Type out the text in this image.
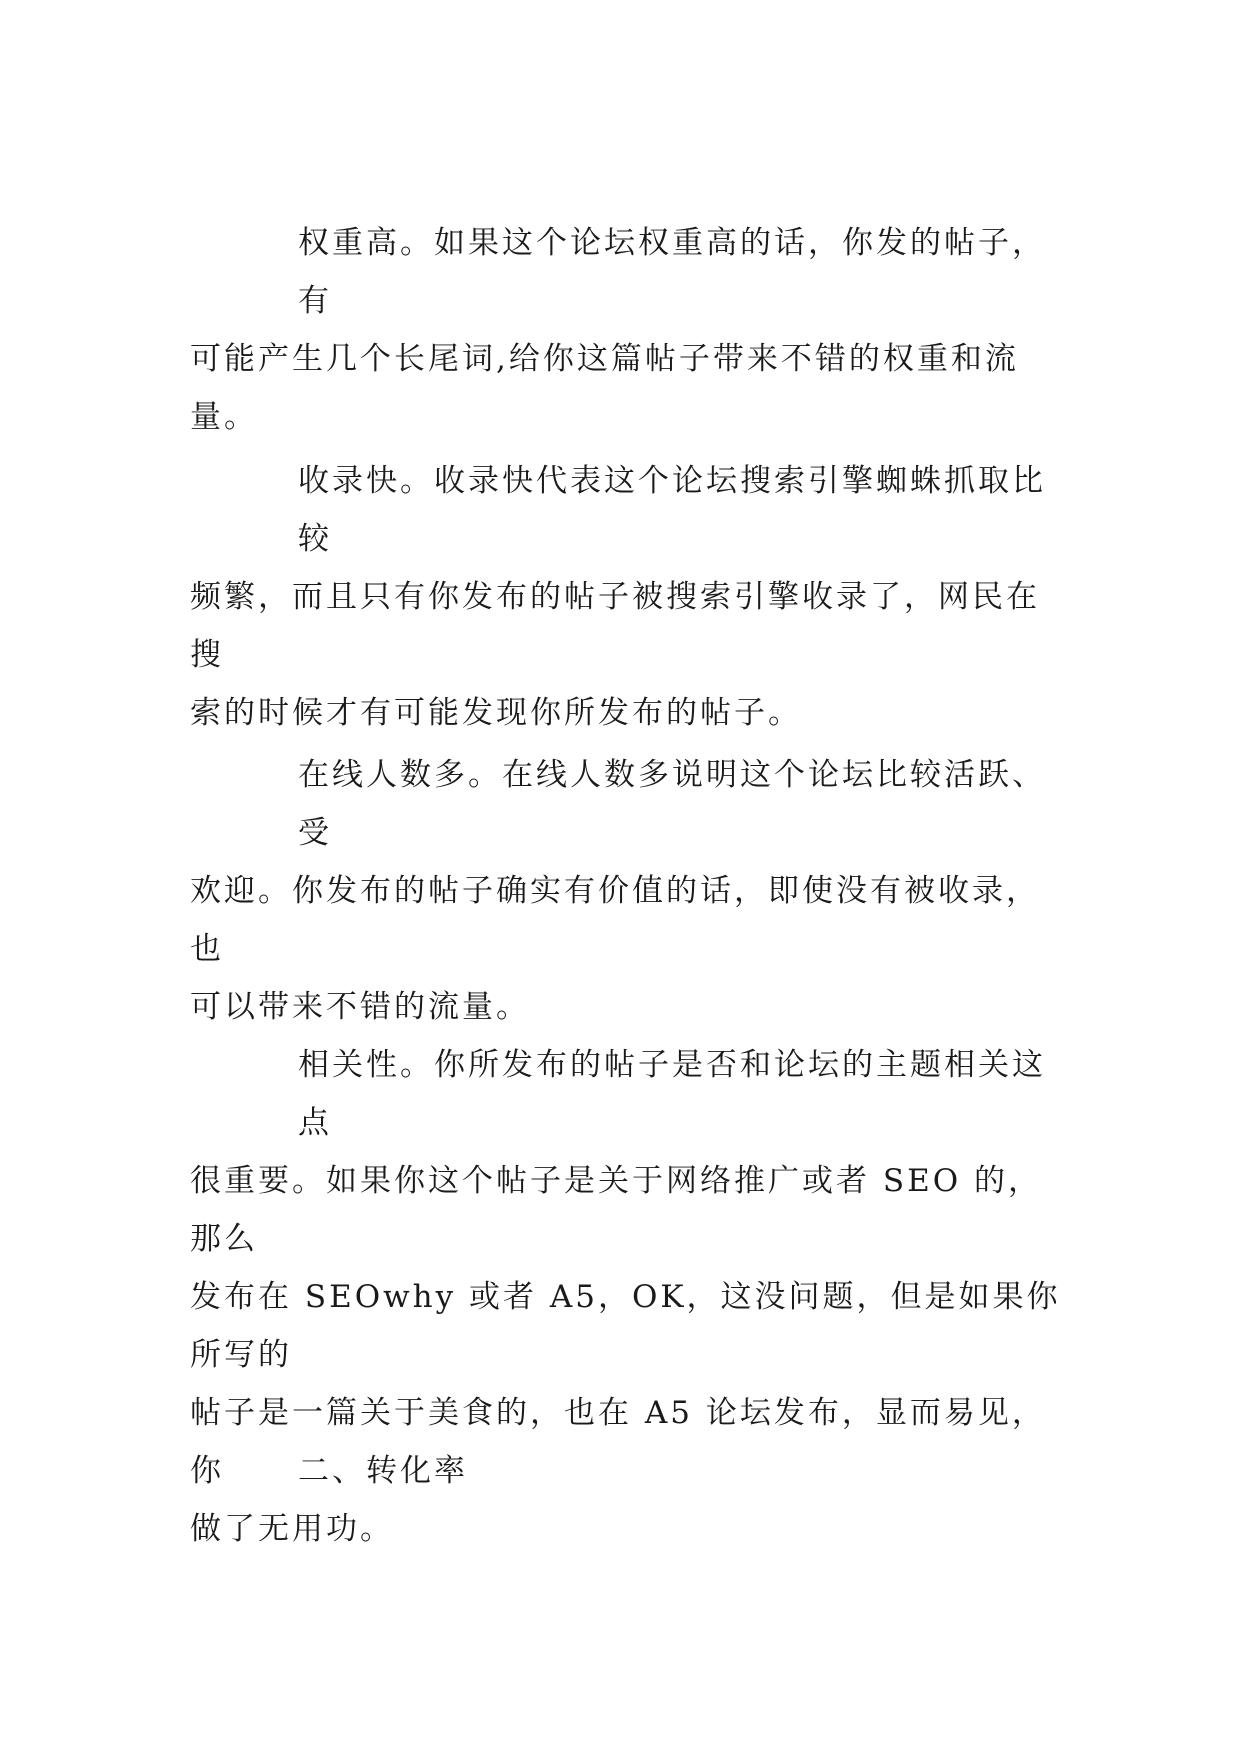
权重高。如果这个论坛权重高的话，你发的帖子，有
可能产生几个长尾词,给你这篇帖子带来不错的权重和流量。

收录快。收录快代表这个论坛搜索引擎蜘蛛抓取比较
频繁，而且只有你发布的帖子被搜索引擎收录了，网民在搜
索的时候才有可能发现你所发布的帖子。

在线人数多。在线人数多说明这个论坛比较活跃、受
欢迎。你发布的帖子确实有价值的话，即使没有被收录，也
可以带来不错的流量。

相关性。你所发布的帖子是否和论坛的主题相关这点
很重要。如果你这个帖子是关于网络推广或者 SEO 的，那么
发布在 SEOwhy 或者 A5，OK，这没问题，但是如果你所写的
帖子是一篇关于美食的，也在 A5 论坛发布，显而易见，你
做了无用功。

二、转化率
